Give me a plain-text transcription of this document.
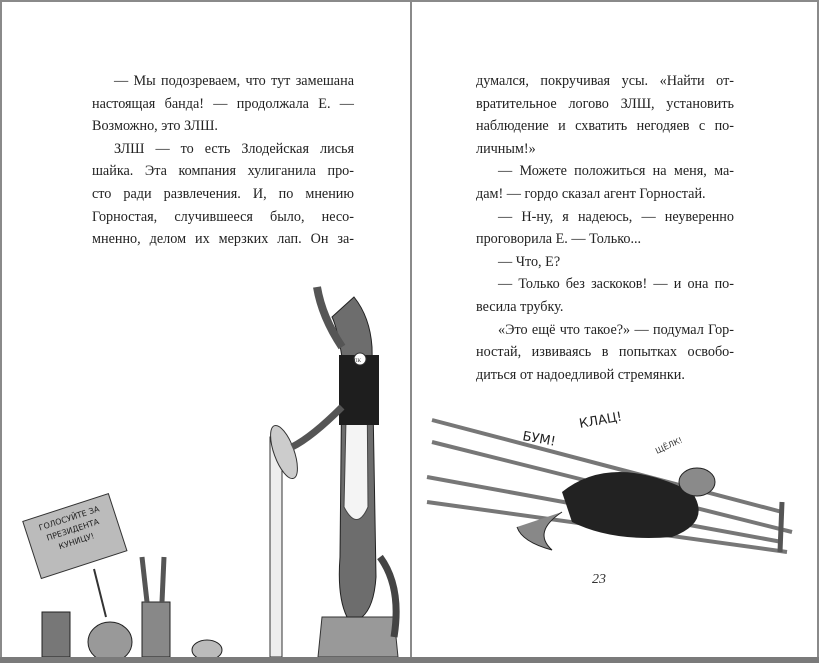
— Мы подозреваем, что тут замешана

настоящая банда! — продолжала Е. —

Возможно, это ЗЛШ.

ЗЛШ — то есть Злодейская лисья

шайка. Эта компания хулиганила про-

сто ради развлечения. И, по мнению

Горностая, случившееся было, несо-

мненно, делом их мерзких лап. Он за-

ПК
ГОЛОСУЙТЕ ЗА ПРЕЗИДЕНТА КУНИЦУ!

думался, покручивая усы. «Найти от-

вратительное логово ЗЛШ, установить

наблюдение и схватить негодяев с по-

личным!»

— Можете положиться на меня, ма-

дам! — гордо сказал агент Горностай.

— Н-ну, я надеюсь, — неуверенно

проговорила Е. — Только...

— Что, Е?

— Только без заскоков! — и она по-

весила трубку.

«Это ещё что такое?» — подумал Гор-

ностай, извиваясь в попытках освобо-

диться от надоедливой стремянки.

БУМ!
КЛАЦ!
ЩЁЛК!
23
